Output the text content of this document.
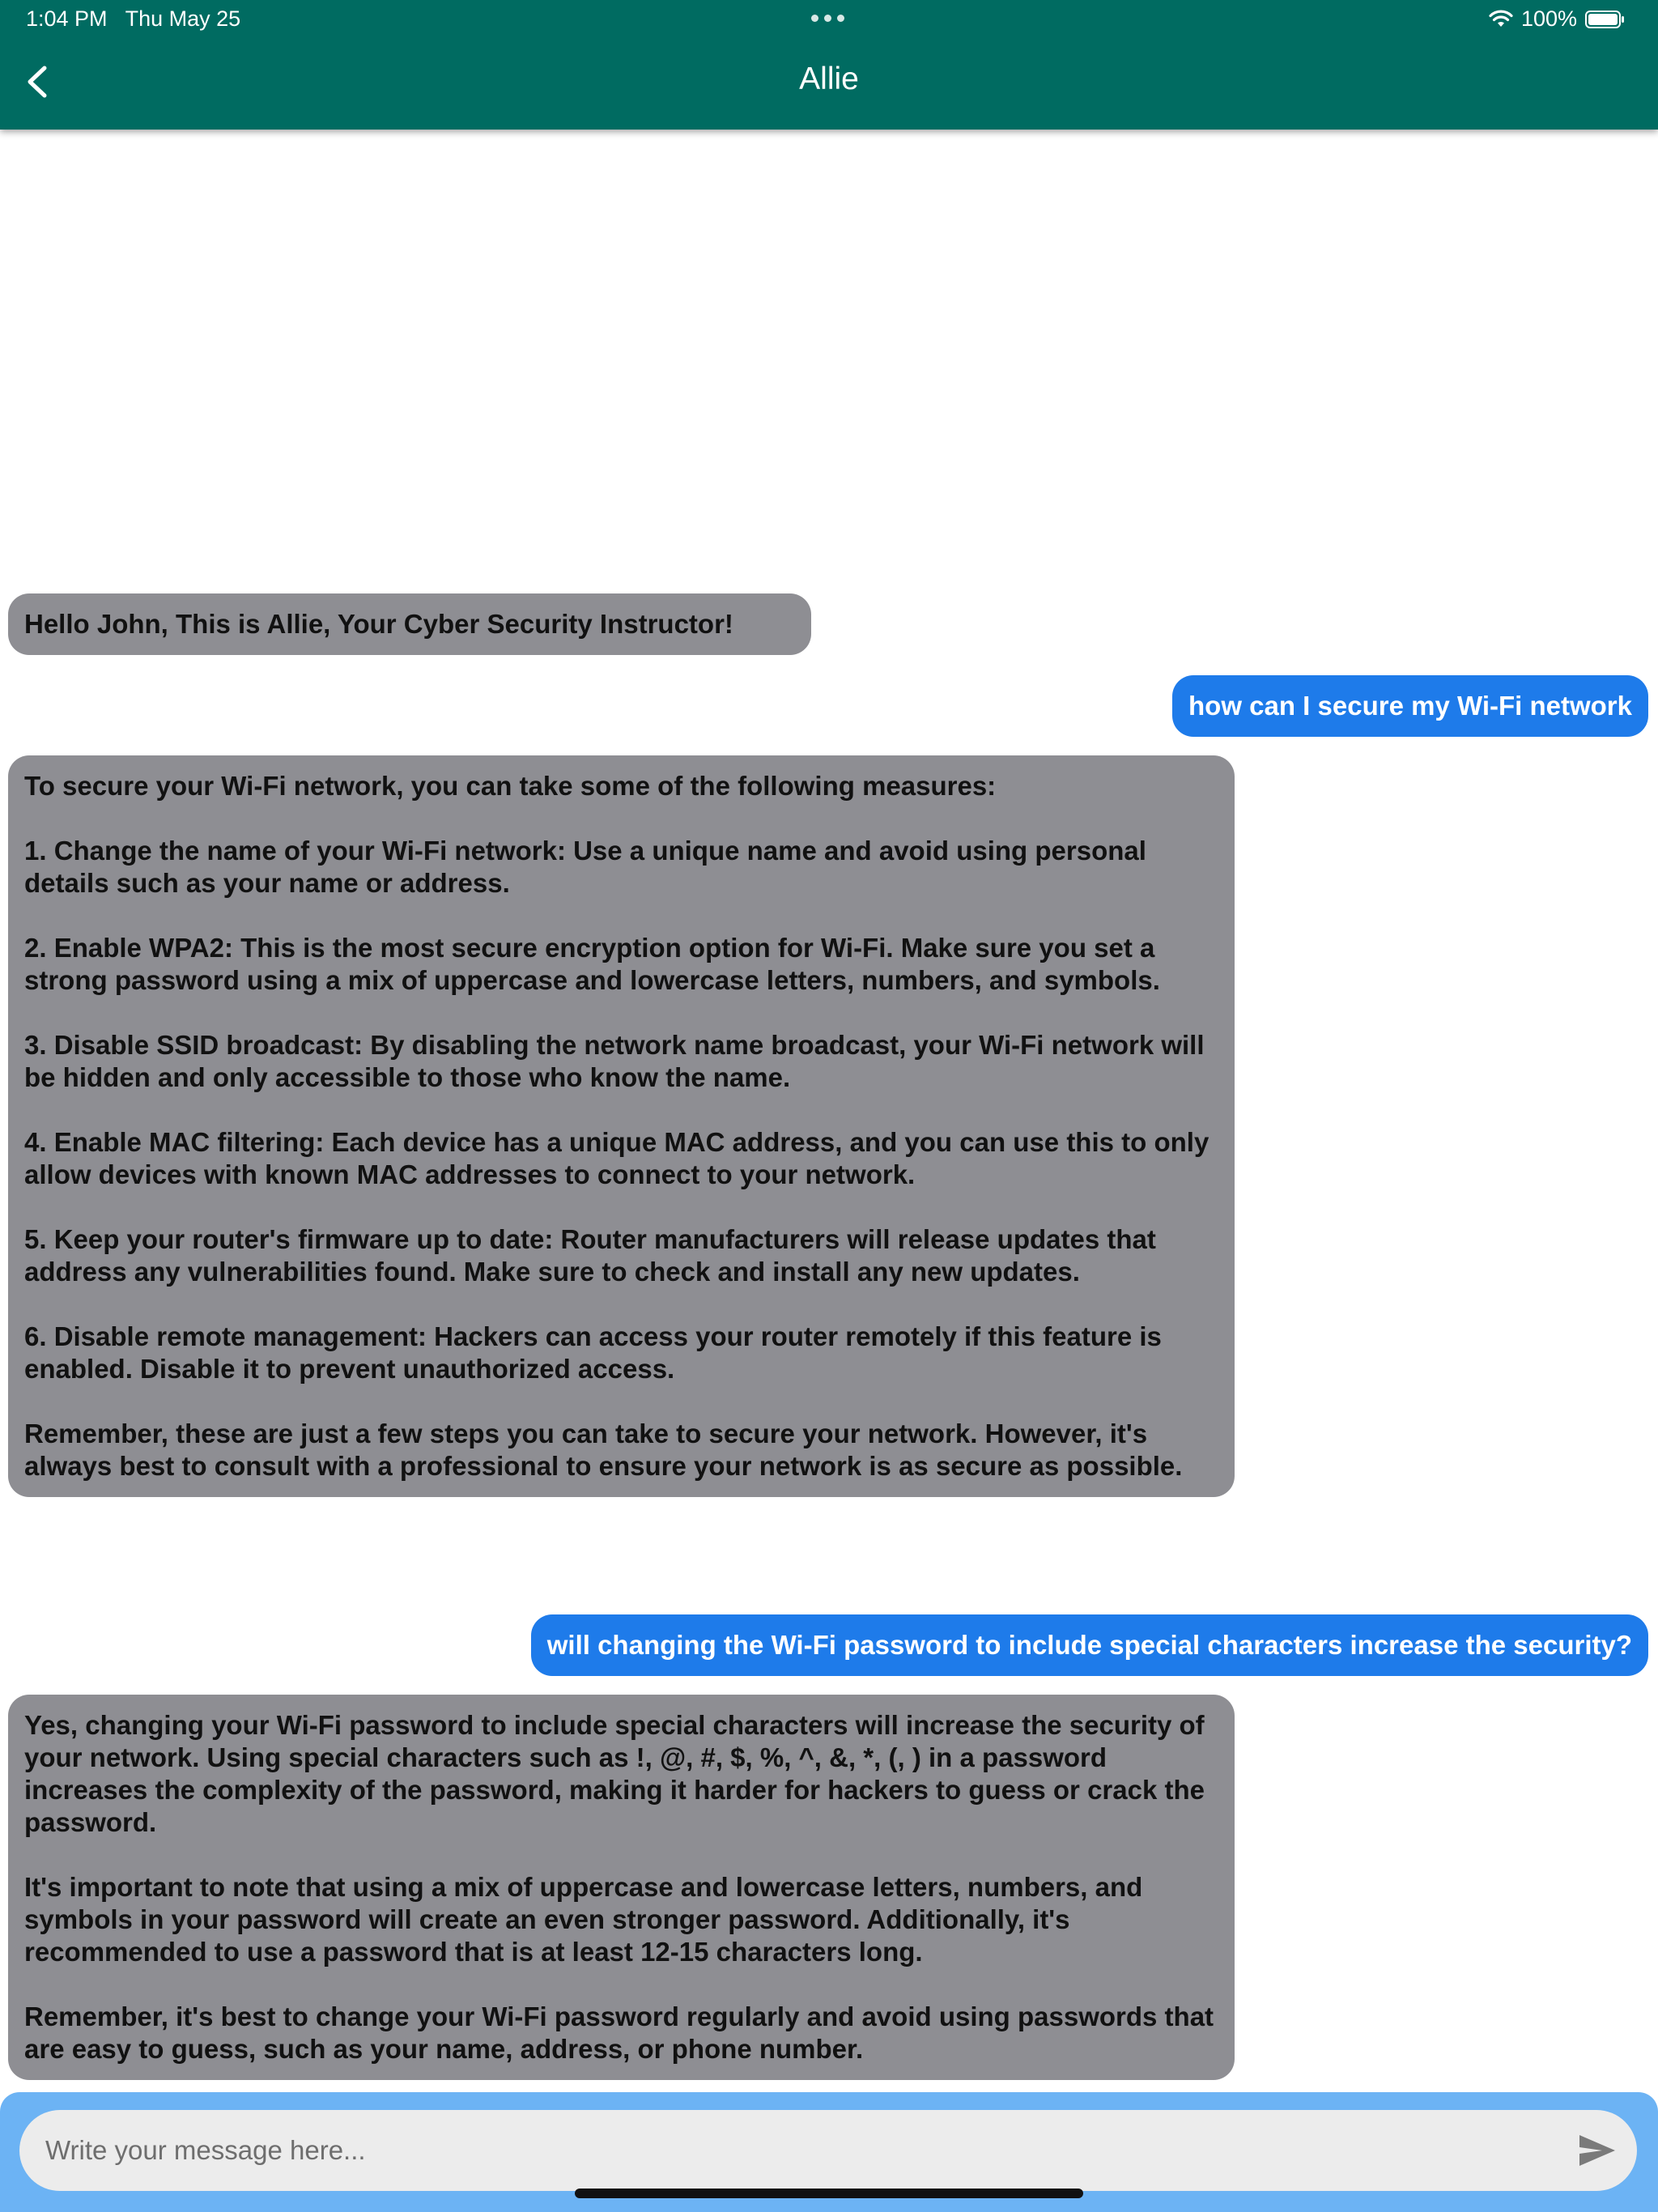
1:04 PM Thu May 25	100%
Allie
Hello John, This is Allie, Your Cyber Security Instructor!
how can I secure my Wi-Fi network
To secure your Wi-Fi network, you can take some of the following measures:

1. Change the name of your Wi-Fi network: Use a unique name and avoid using personal details such as your name or address.

2. Enable WPA2: This is the most secure encryption option for Wi-Fi. Make sure you set a strong password using a mix of uppercase and lowercase letters, numbers, and symbols.

3. Disable SSID broadcast: By disabling the network name broadcast, your Wi-Fi network will be hidden and only accessible to those who know the name.

4. Enable MAC filtering: Each device has a unique MAC address, and you can use this to only allow devices with known MAC addresses to connect to your network.

5. Keep your router's firmware up to date: Router manufacturers will release updates that address any vulnerabilities found. Make sure to check and install any new updates.

6. Disable remote management: Hackers can access your router remotely if this feature is enabled. Disable it to prevent unauthorized access.

Remember, these are just a few steps you can take to secure your network. However, it's always best to consult with a professional to ensure your network is as secure as possible.
will changing the Wi-Fi password to include special characters increase the security?
Yes, changing your Wi-Fi password to include special characters will increase the security of your network. Using special characters such as !, @, #, $, %, ^, &, *, (, ) in a password increases the complexity of the password, making it harder for hackers to guess or crack the password.

It's important to note that using a mix of uppercase and lowercase letters, numbers, and symbols in your password will create an even stronger password. Additionally, it's recommended to use a password that is at least 12-15 characters long.

Remember, it's best to change your Wi-Fi password regularly and avoid using passwords that are easy to guess, such as your name, address, or phone number.
Write your message here...
